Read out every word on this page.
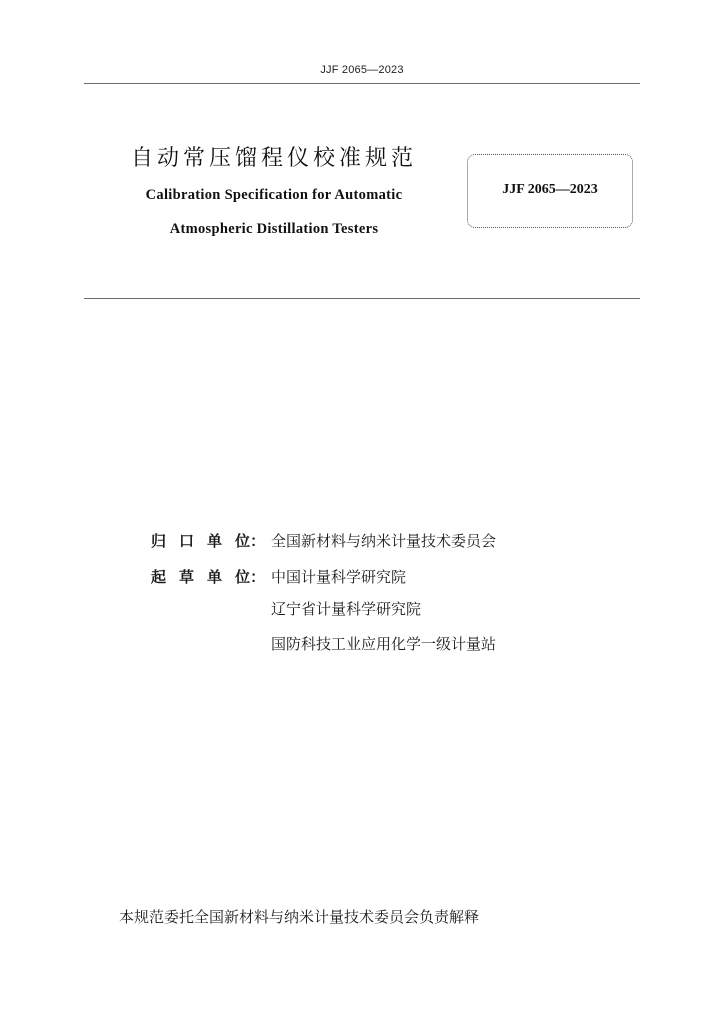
JJF 2065—2023
自动常压馏程仪校准规范
Calibration Specification for Automatic
Atmospheric Distillation Testers
JJF 2065—2023
归 口 单 位： 全国新材料与纳米计量技术委员会
起 草 单 位： 中国计量科学研究院
辽宁省计量科学研究院
国防科技工业应用化学一级计量站
本规范委托全国新材料与纳米计量技术委员会负责解释
